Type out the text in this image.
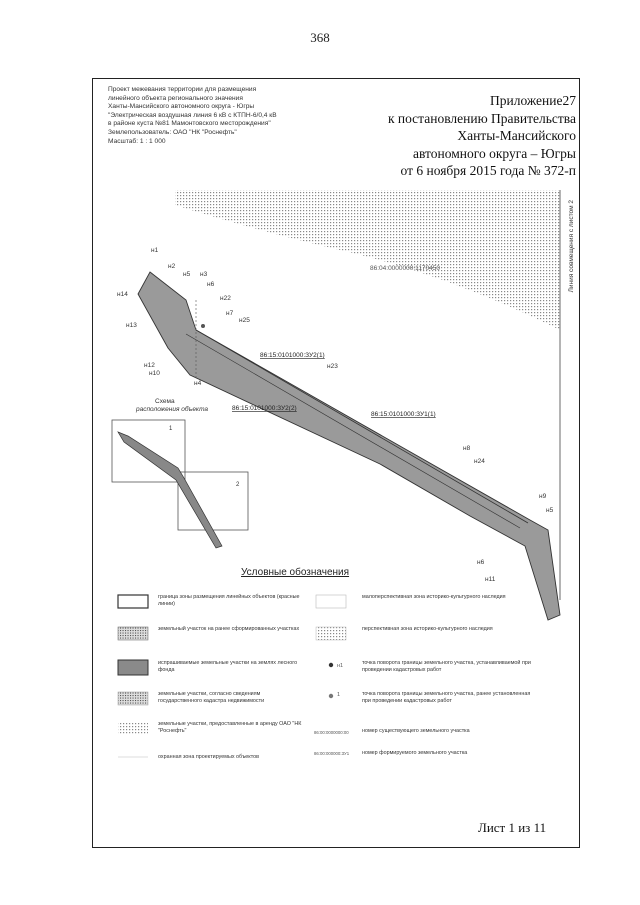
368
Проект межевания территории для размещения
линейного объекта регионального значения
Ханты-Мансийского автономного округа - Югры
"Электрическая воздушная линия 6 кВ с КТПН-6/0,4 кВ
в районе куста №81 Мамонтовского месторождения"
Землепользователь: ОАО "НК "Роснефть"
Масштаб: 1 : 1 000
Приложение27
к постановлению Правительства
Ханты-Мансийского
автономного округа – Югры
от 6 ноября 2015 года № 372-п
Линия совмещения с листом 2
н1
н2
н5 н3
н6
н22
н14
н13
н7
н25
н12
н10
н4
н23
н8
н24
н9
н5
н6
н11
86:04:0000000:1170450
86:15:0101000:ЗУ2(1)
86:15:0101000:ЗУ2(2)
86:15:0101000:ЗУ1(1)
Схема
расположения объекта
1
2
н1
1
86:00:0000000:00
86:00:000000:ЗУ1
Условные обозначения
граница зоны размещения линейных объектов (красные линии)
земельный участок на ранее сформированных участках
испрашиваемые земельные участки на землях лесного фонда
земельные участки, согласно сведениям государственного кадастра недвижимости
земельные участки, предоставленные в аренду ОАО "НК "Роснефть"
охранная зона проектируемых объектов
малоперспективная зона историко-культурного наследия
перспективная зона историко-культурного наследия
точка поворота границы земельного участка, устанавливаемой при проведении кадастровых работ
точка поворота границы земельного участка, ранее установленная при проведении кадастровых работ
номер существующего земельного участка
номер формируемого земельного участка
Лист 1 из 11
